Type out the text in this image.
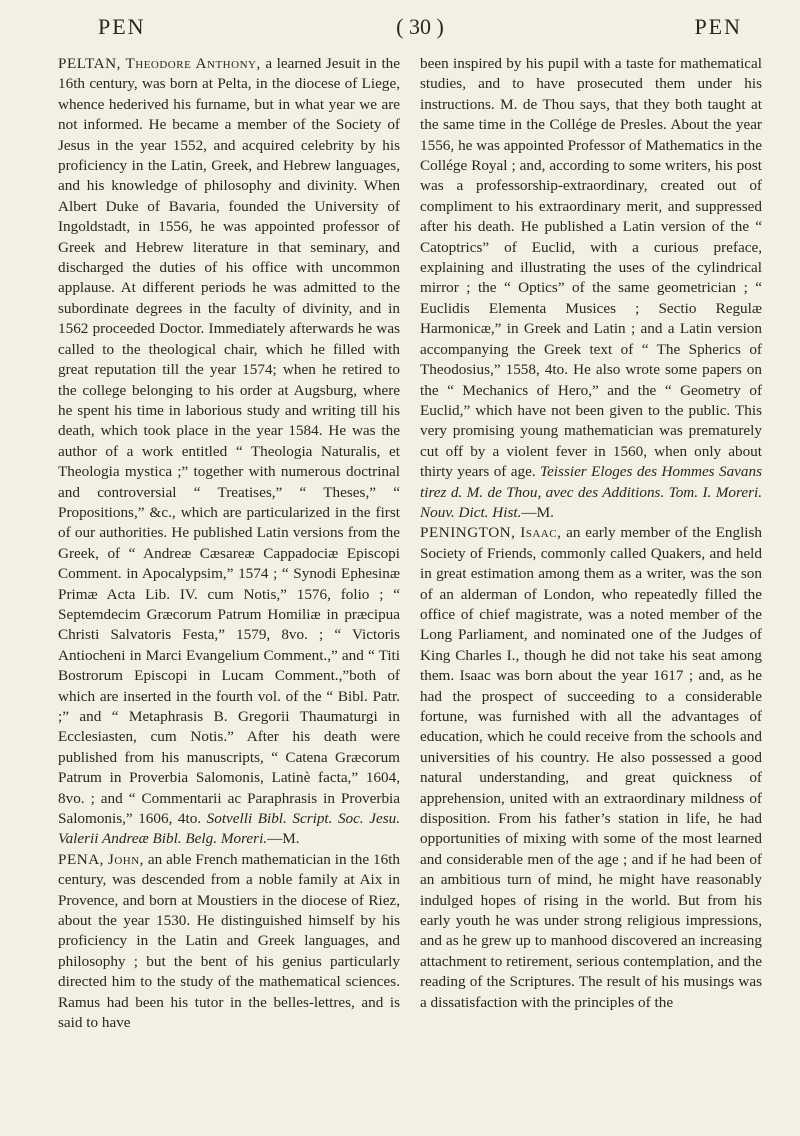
PEN	( 30 )	PEN

PELTAN, Theodore Anthony, a learned Jesuit in the 16th century, was born at Pelta, in the diocese of Liege, whence hederived his furname, but in what year we are not informed. He became a member of the Society of Jesus in the year 1552, and acquired celebrity by his proficiency in the Latin, Greek, and Hebrew languages, and his knowledge of philosophy and divinity. When Albert Duke of Bavaria, founded the University of Ingoldstadt, in 1556, he was appointed professor of Greek and Hebrew literature in that seminary, and discharged the duties of his office with uncommon applause. At different periods he was admitted to the subordinate degrees in the faculty of divinity, and in 1562 proceeded Doctor. Immediately afterwards he was called to the theological chair, which he filled with great reputation till the year 1574; when he retired to the college belonging to his order at Augsburg, where he spent his time in laborious study and writing till his death, which took place in the year 1584. He was the author of a work entitled “ Theologia Naturalis, et Theologia mystica ;” together with numerous doctrinal and controversial “ Treatises,” “ Theses,” “ Propositions,” &c., which are particularized in the first of our authorities. He published Latin versions from the Greek, of “ Andreæ Cæsareæ Cappadociæ Episcopi Comment. in Apocalypsim,” 1574 ; “ Synodi Ephesinæ Primæ Acta Lib. IV. cum Notis,” 1576, folio ; “ Septemdecim Græcorum Patrum Homiliæ in præcipua Christi Salvatoris Festa,” 1579, 8vo. ; “ Victoris Antiocheni in Marci Evangelium Comment.,” and “ Titi Bostrorum Episcopi in Lucam Comment.,”both of which are inserted in the fourth vol. of the “ Bibl. Patr. ;” and “ Metaphrasis B. Gregorii Thaumaturgi in Ecclesiasten, cum Notis.” After his death were published from his manuscripts, “ Catena Græcorum Patrum in Proverbia Salomonis, Latinè facta,” 1604, 8vo. ; and “ Commentarii ac Paraphrasis in Proverbia Salomonis,” 1606, 4to. Sotvelli Bibl. Script. Soc. Jesu. Valerii Andreæ Bibl. Belg. Moreri.—M.

PENA, John, an able French mathematician in the 16th century, was descended from a noble family at Aix in Provence, and born at Moustiers in the diocese of Riez, about the year 1530. He distinguished himself by his proficiency in the Latin and Greek languages, and philosophy ; but the bent of his genius particularly directed him to the study of the mathematical sciences. Ramus had been his tutor in the belles-lettres, and is said to have

been inspired by his pupil with a taste for mathematical studies, and to have prosecuted them under his instructions. M. de Thou says, that they both taught at the same time in the Collége de Presles. About the year 1556, he was appointed Professor of Mathematics in the Collége Royal ; and, according to some writers, his post was a professorship-extraordinary, created out of compliment to his extraordinary merit, and suppressed after his death. He published a Latin version of the “ Catoptrics” of Euclid, with a curious preface, explaining and illustrating the uses of the cylindrical mirror ; the “ Optics” of the same geometrician ; “ Euclidis Elementa Musices ; Sectio Regulæ Harmonicæ,” in Greek and Latin ; and a Latin version accompanying the Greek text of “ The Spherics of Theodosius,” 1558, 4to. He also wrote some papers on the “ Mechanics of Hero,” and the “ Geometry of Euclid,” which have not been given to the public. This very promising young mathematician was prematurely cut off by a violent fever in 1560, when only about thirty years of age. Teissier Eloges des Hommes Savans tirez d. M. de Thou, avec des Additions. Tom. I. Moreri. Nouv. Dict. Hist.—M.

PENINGTON, Isaac, an early member of the English Society of Friends, commonly called Quakers, and held in great estimation among them as a writer, was the son of an alderman of London, who repeatedly filled the office of chief magistrate, was a noted member of the Long Parliament, and nominated one of the Judges of King Charles I., though he did not take his seat among them. Isaac was born about the year 1617 ; and, as he had the prospect of succeeding to a considerable fortune, was furnished with all the advantages of education, which he could receive from the schools and universities of his country. He also possessed a good natural understanding, and great quickness of apprehension, united with an extraordinary mildness of disposition. From his father’s station in life, he had opportunities of mixing with some of the most learned and considerable men of the age ; and if he had been of an ambitious turn of mind, he might have reasonably indulged hopes of rising in the world. But from his early youth he was under strong religious impressions, and as he grew up to manhood discovered an increasing attachment to retirement, serious contemplation, and the reading of the Scriptures. The result of his musings was a dissatisfaction with the principles of the
